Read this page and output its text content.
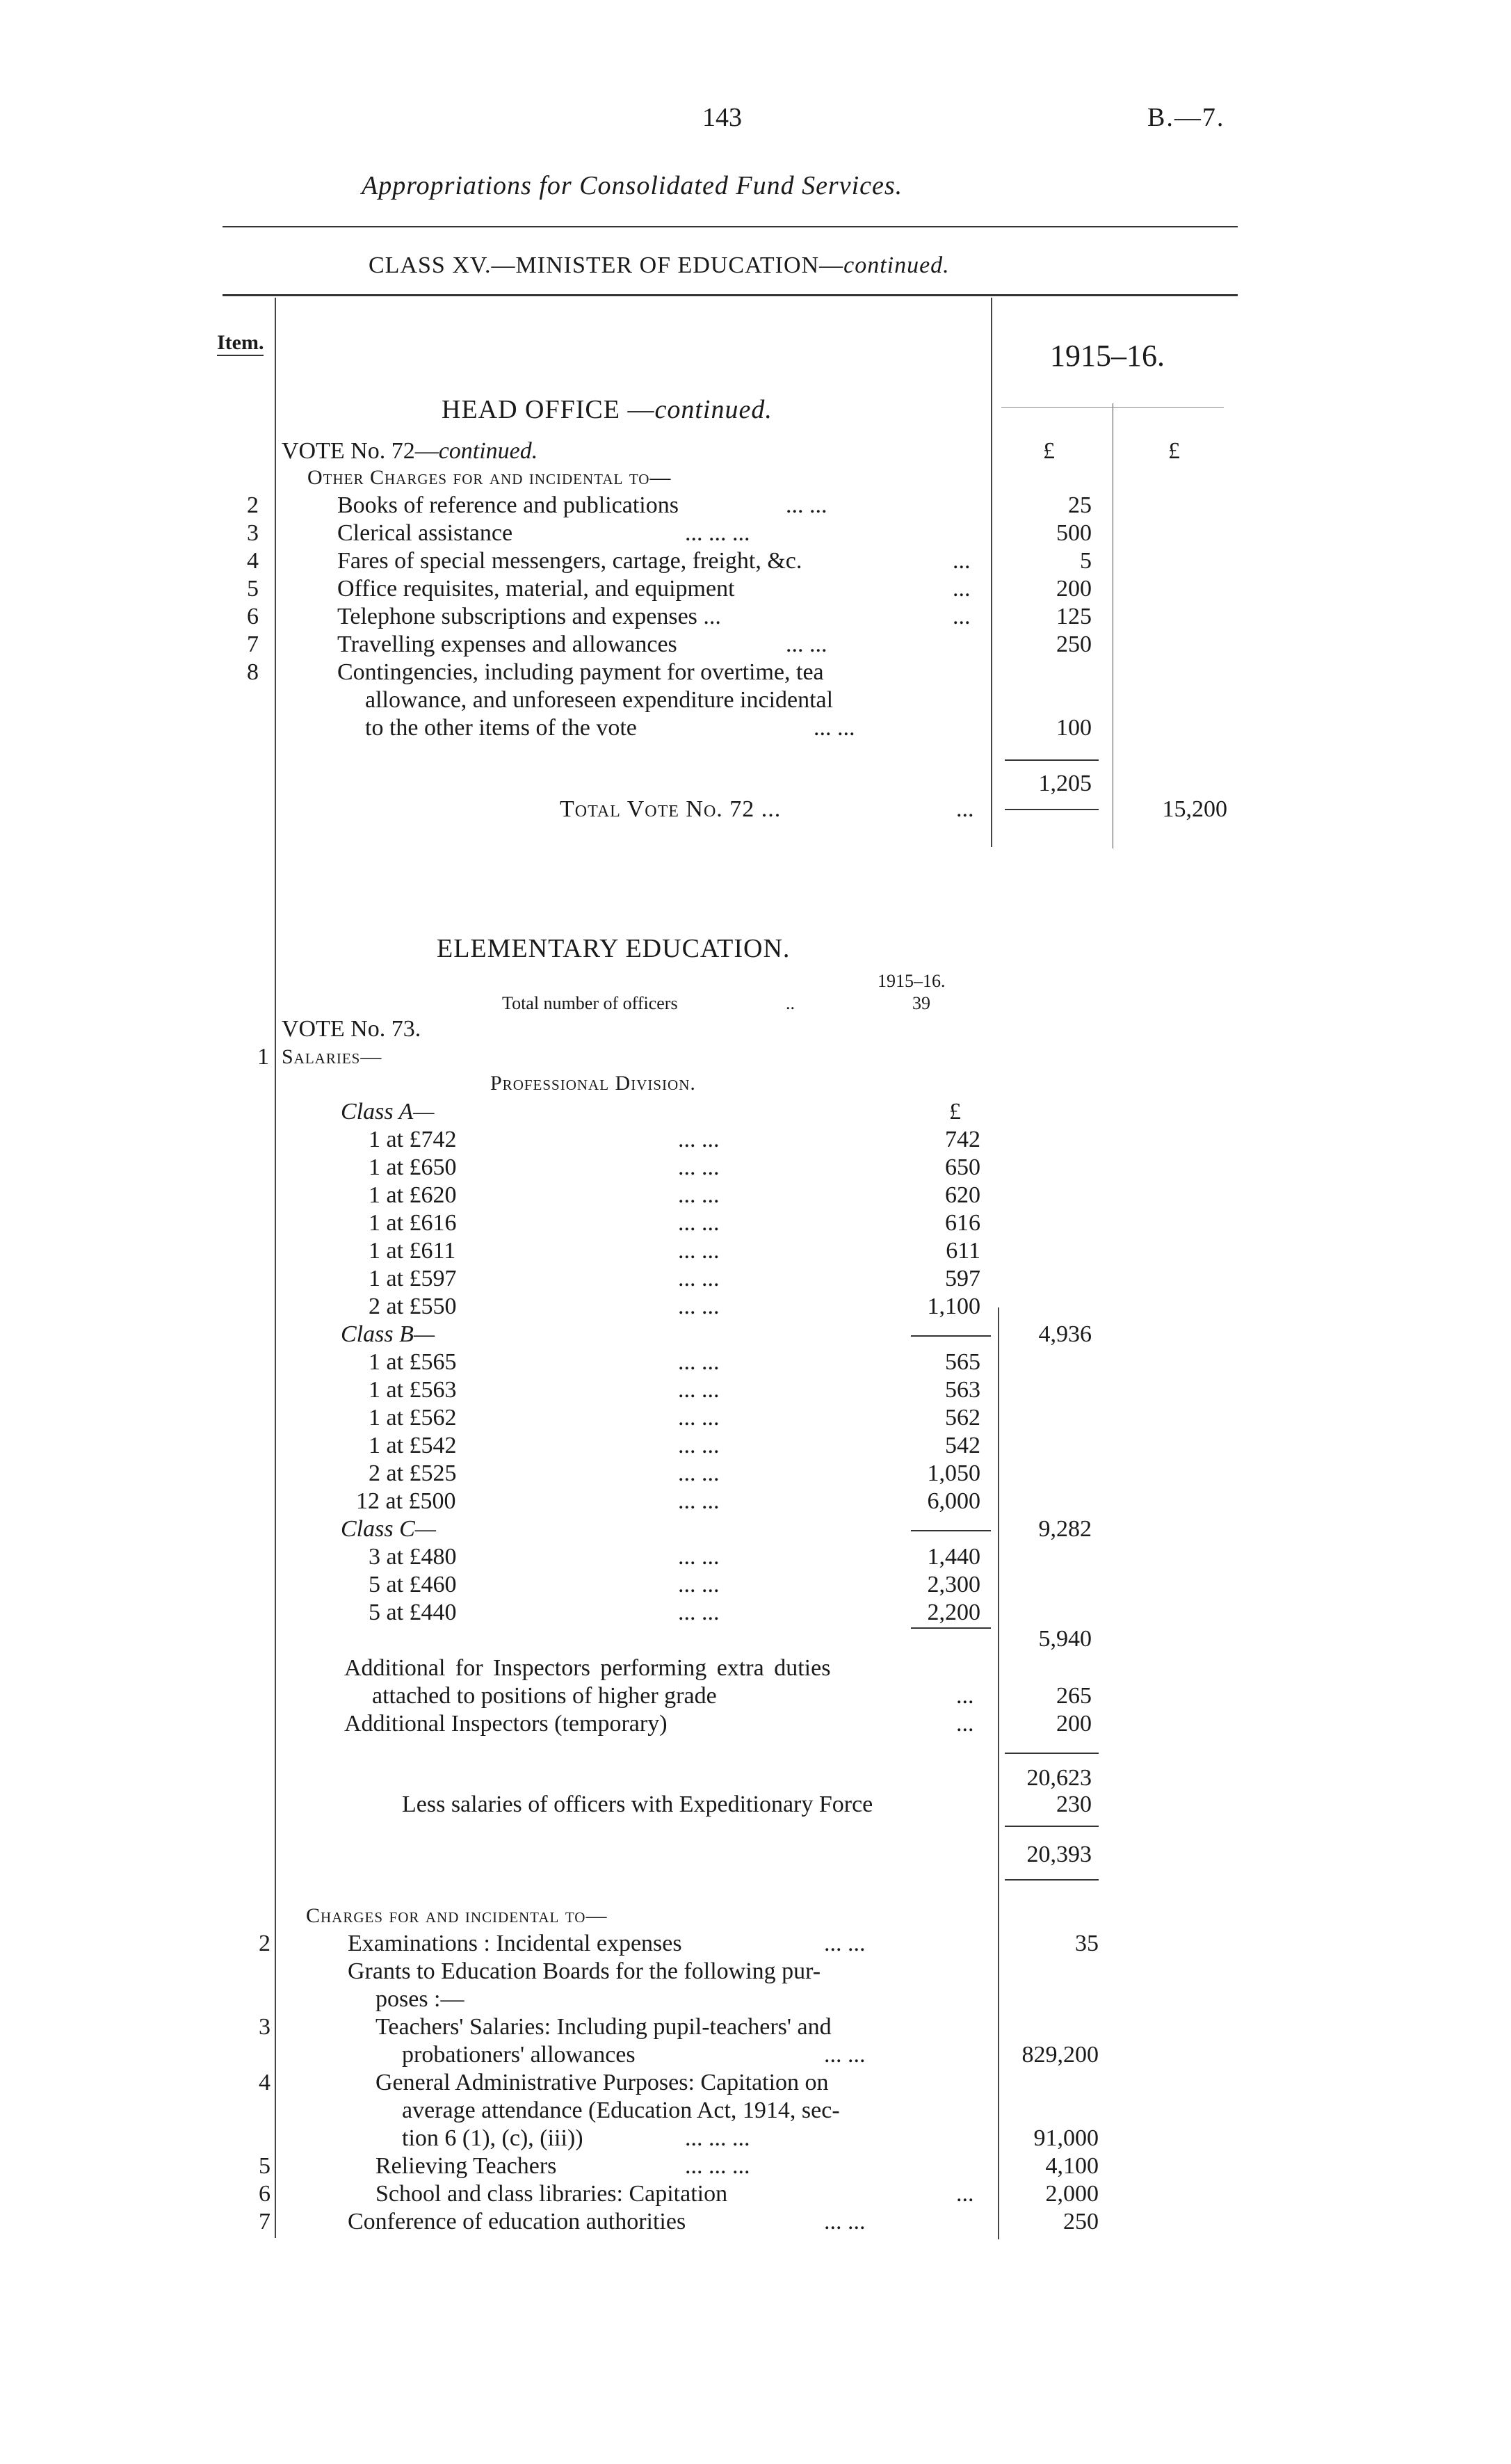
143	B.—7.
Appropriations for Consolidated Fund Services.
CLASS XV.—MINISTER OF EDUCATION—continued.
Item.	1915–16.
£	£
HEAD OFFICE —continued.
VOTE No. 72—continued.
Other Charges for and incidental to—
2	Books of reference and publications	... ...	25
3	Clerical assistance	... ... ...	500
4	Fares of special messengers, cartage, freight, &c.	...	5
5	Office requisites, material, and equipment	...	200
6	Telephone subscriptions and expenses ...	...	125
7	Travelling expenses and allowances	... ...	250
8	Contingencies, including payment for overtime, tea
allowance, and unforeseen expenditure incidental
to the other items of the vote	... ...	100
1,205
Total Vote No. 72 ...	...	15,200
ELEMENTARY EDUCATION.
1915–16.
Total number of officers	..	39
VOTE No. 73.
1 Salaries—
Professional Division.
£
Class A—
1 at £742	... ...	742
1 at £650	... ...	650
1 at £620	... ...	620
1 at £616	... ...	616
1 at £611	... ...	611
1 at £597	... ...	597
2 at £550	... ...	1,100
4,936
Class B—
1 at £565	... ...	565
1 at £563	... ...	563
1 at £562	... ...	562
1 at £542	... ...	542
2 at £525	... ...	1,050
12 at £500	... ...	6,000
9,282
Class C—
3 at £480	... ...	1,440
5 at £460	... ...	2,300
5 at £440	... ...	2,200
5,940
Additional for Inspectors performing extra duties
attached to positions of higher grade	...	265
Additional Inspectors (temporary)	...	200
20,623
Less salaries of officers with Expeditionary Force	230
20,393
Charges for and incidental to—
2	Examinations : Incidental expenses	... ...	35
Grants to Education Boards for the following pur-
poses :—
3	Teachers' Salaries: Including pupil-teachers' and
probationers' allowances	... ...	829,200
4	General Administrative Purposes: Capitation on
average attendance (Education Act, 1914, sec-
tion 6 (1), (c), (iii))	... ... ...	91,000
5	Relieving Teachers	... ... ...	4,100
6	School and class libraries: Capitation	...	2,000
7	Conference of education authorities	... ...	250
